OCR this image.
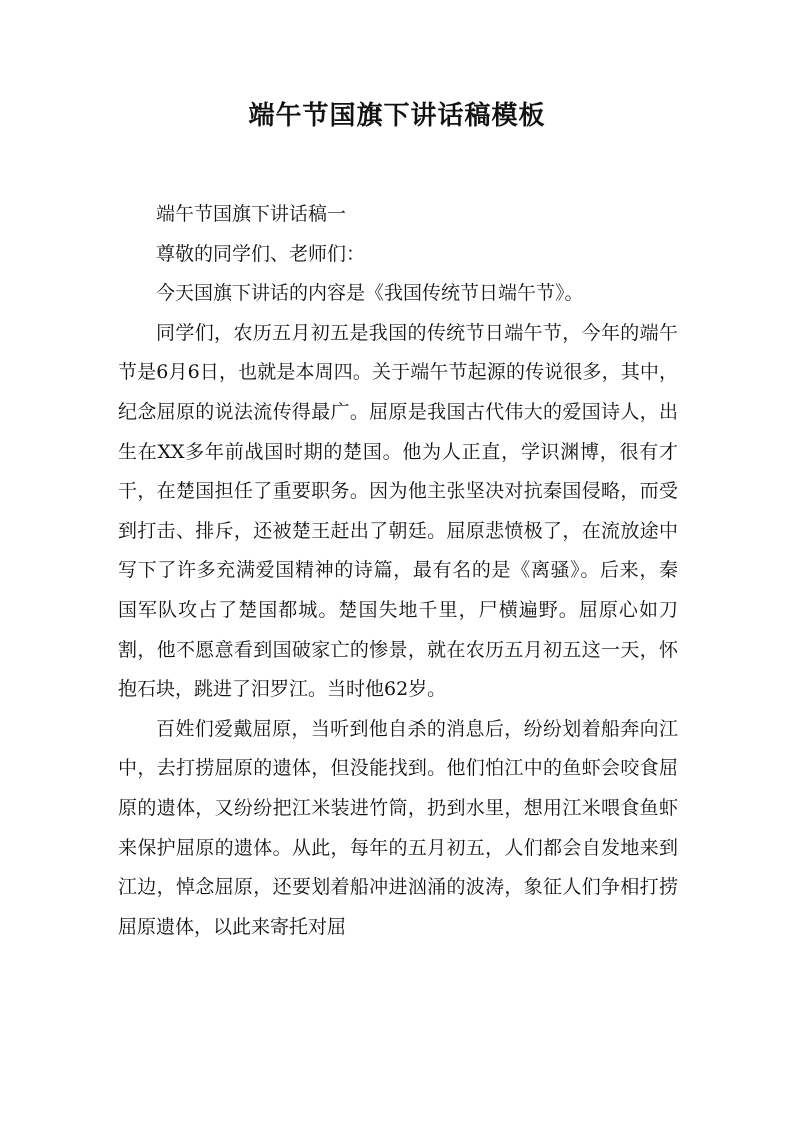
端午节国旗下讲话稿模板

端午节国旗下讲话稿一

尊敬的同学们、老师们：

今天国旗下讲话的内容是《我国传统节日端午节》。

同学们，农历五月初五是我国的传统节日端午节，今年的端午节是6月6日，也就是本周四。关于端午节起源的传说很多，其中，纪念屈原的说法流传得最广。屈原是我国古代伟大的爱国诗人，出生在XX多年前战国时期的楚国。他为人正直，学识渊博，很有才干，在楚国担任了重要职务。因为他主张坚决对抗秦国侵略，而受到打击、排斥，还被楚王赶出了朝廷。屈原悲愤极了，在流放途中写下了许多充满爱国精神的诗篇，最有名的是《离骚》。后来，秦国军队攻占了楚国都城。楚国失地千里，尸横遍野。屈原心如刀割，他不愿意看到国破家亡的惨景，就在农历五月初五这一天，怀抱石块，跳进了汨罗江。当时他62岁。

百姓们爱戴屈原，当听到他自杀的消息后，纷纷划着船奔向江中，去打捞屈原的遗体，但没能找到。他们怕江中的鱼虾会咬食屈原的遗体，又纷纷把江米装进竹筒，扔到水里，想用江米喂食鱼虾来保护屈原的遗体。从此，每年的五月初五，人们都会自发地来到江边，悼念屈原，还要划着船冲进汹涌的波涛，象征人们争相打捞屈原遗体，以此来寄托对屈
